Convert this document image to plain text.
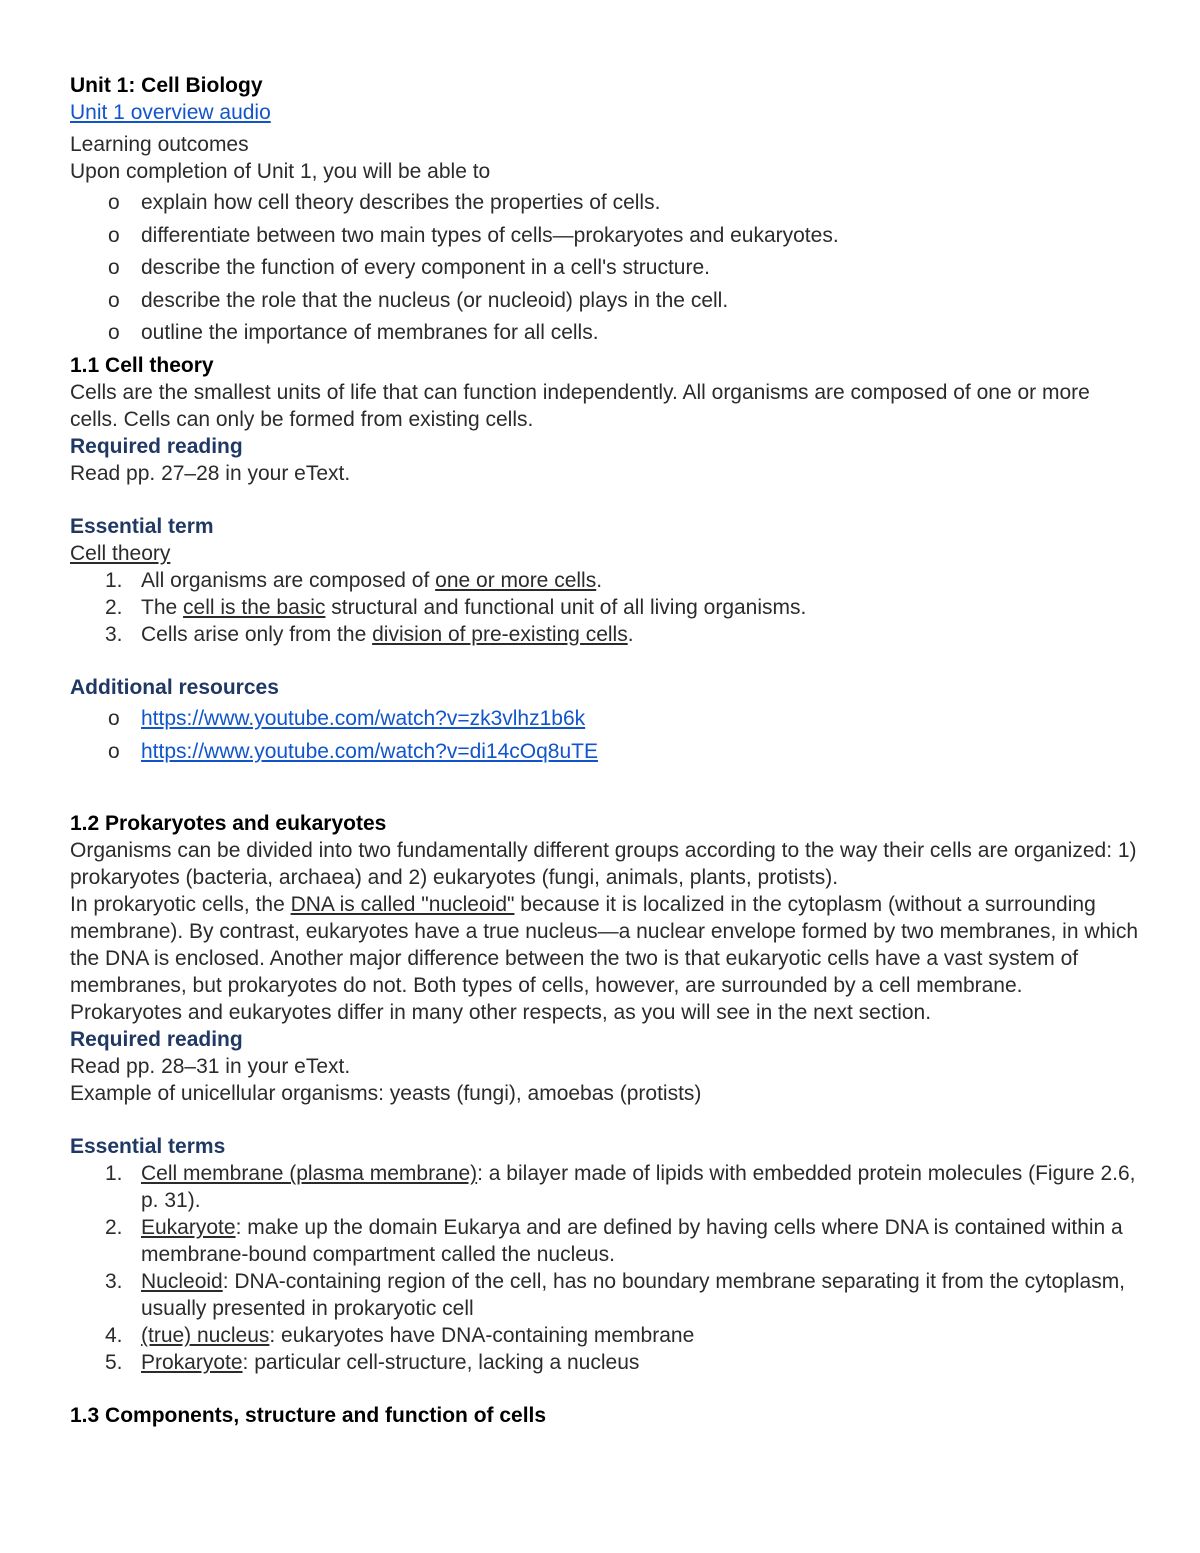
Unit 1: Cell Biology
Unit 1 overview audio
Learning outcomes
Upon completion of Unit 1, you will be able to
o explain how cell theory describes the properties of cells.
o differentiate between two main types of cells—prokaryotes and eukaryotes.
o describe the function of every component in a cell's structure.
o describe the role that the nucleus (or nucleoid) plays in the cell.
o outline the importance of membranes for all cells.
1.1 Cell theory
Cells are the smallest units of life that can function independently. All organisms are composed of one or more cells. Cells can only be formed from existing cells.
Required reading
Read pp. 27–28 in your eText.
Essential term
Cell theory
1. All organisms are composed of one or more cells.
2. The cell is the basic structural and functional unit of all living organisms.
3. Cells arise only from the division of pre-existing cells.
Additional resources
o https://www.youtube.com/watch?v=zk3vlhz1b6k
o https://www.youtube.com/watch?v=di14cOq8uTE
1.2 Prokaryotes and eukaryotes
Organisms can be divided into two fundamentally different groups according to the way their cells are organized: 1) prokaryotes (bacteria, archaea) and 2) eukaryotes (fungi, animals, plants, protists).
In prokaryotic cells, the DNA is called "nucleoid" because it is localized in the cytoplasm (without a surrounding membrane). By contrast, eukaryotes have a true nucleus—a nuclear envelope formed by two membranes, in which the DNA is enclosed. Another major difference between the two is that eukaryotic cells have a vast system of membranes, but prokaryotes do not. Both types of cells, however, are surrounded by a cell membrane.
Prokaryotes and eukaryotes differ in many other respects, as you will see in the next section.
Required reading
Read pp. 28–31 in your eText.
Example of unicellular organisms: yeasts (fungi), amoebas (protists)
Essential terms
1. Cell membrane (plasma membrane): a bilayer made of lipids with embedded protein molecules (Figure 2.6, p. 31).
2. Eukaryote: make up the domain Eukarya and are defined by having cells where DNA is contained within a membrane-bound compartment called the nucleus.
3. Nucleoid: DNA-containing region of the cell, has no boundary membrane separating it from the cytoplasm, usually presented in prokaryotic cell
4. (true) nucleus: eukaryotes have DNA-containing membrane
5. Prokaryote: particular cell-structure, lacking a nucleus
1.3 Components, structure and function of cells
